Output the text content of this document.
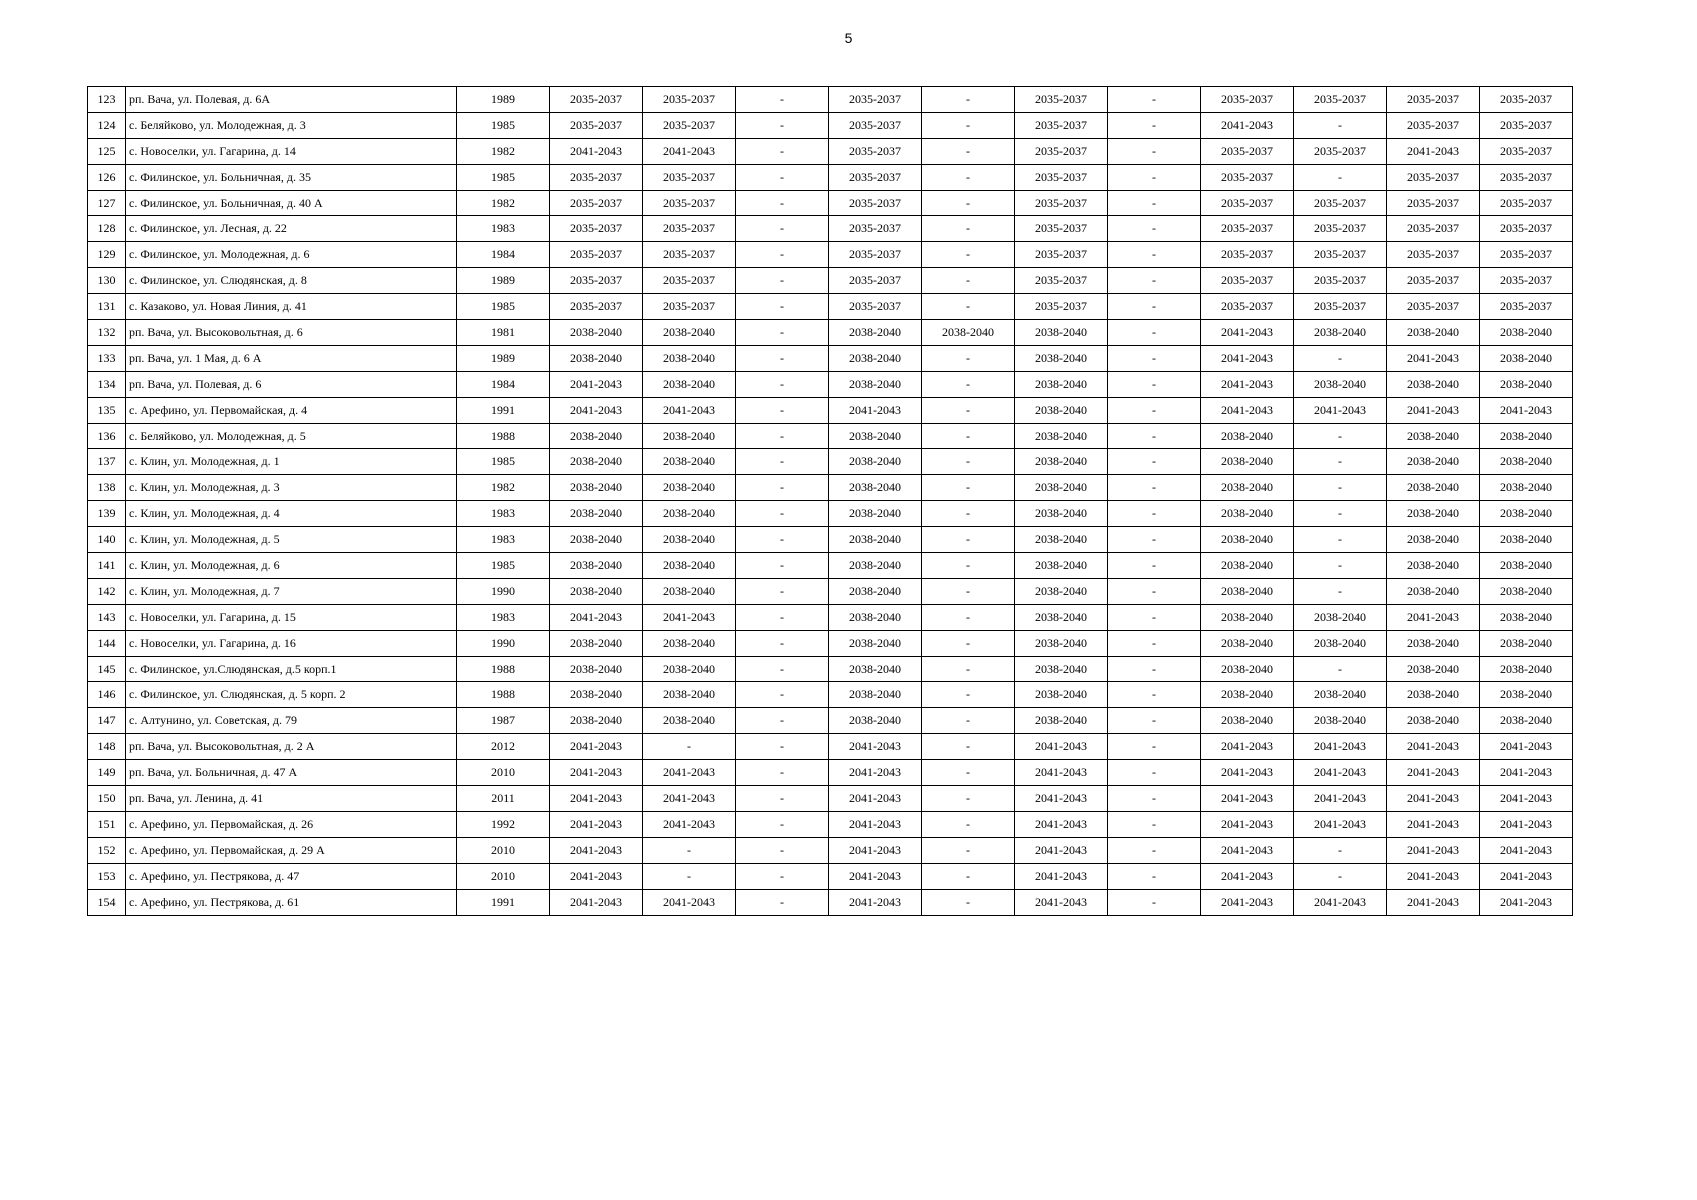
5
123	рп. Вача, ул. Полевая, д. 6А	1989	2035-2037	2035-2037	-	2035-2037	-	2035-2037	-	2035-2037	2035-2037	2035-2037	2035-2037
124	с. Беляйково, ул. Молодежная, д. 3	1985	2035-2037	2035-2037	-	2035-2037	-	2035-2037	-	2041-2043	-	2035-2037	2035-2037
125	с. Новоселки, ул. Гагарина, д. 14	1982	2041-2043	2041-2043	-	2035-2037	-	2035-2037	-	2035-2037	2035-2037	2041-2043	2035-2037
126	с. Филинское, ул. Больничная, д. 35	1985	2035-2037	2035-2037	-	2035-2037	-	2035-2037	-	2035-2037	-	2035-2037	2035-2037
127	с. Филинское, ул. Больничная, д. 40 А	1982	2035-2037	2035-2037	-	2035-2037	-	2035-2037	-	2035-2037	2035-2037	2035-2037	2035-2037
128	с. Филинское, ул. Лесная, д. 22	1983	2035-2037	2035-2037	-	2035-2037	-	2035-2037	-	2035-2037	2035-2037	2035-2037	2035-2037
129	с. Филинское, ул. Молодежная, д. 6	1984	2035-2037	2035-2037	-	2035-2037	-	2035-2037	-	2035-2037	2035-2037	2035-2037	2035-2037
130	с. Филинское, ул. Слюдянская, д. 8	1989	2035-2037	2035-2037	-	2035-2037	-	2035-2037	-	2035-2037	2035-2037	2035-2037	2035-2037
131	с. Казаково, ул. Новая Линия, д. 41	1985	2035-2037	2035-2037	-	2035-2037	-	2035-2037	-	2035-2037	2035-2037	2035-2037	2035-2037
132	рп. Вача, ул. Высоковольтная, д. 6	1981	2038-2040	2038-2040	-	2038-2040	2038-2040	2038-2040	-	2041-2043	2038-2040	2038-2040	2038-2040
133	рп. Вача, ул. 1 Мая, д. 6 А	1989	2038-2040	2038-2040	-	2038-2040	-	2038-2040	-	2041-2043	-	2041-2043	2038-2040
134	рп. Вача, ул. Полевая, д. 6	1984	2041-2043	2038-2040	-	2038-2040	-	2038-2040	-	2041-2043	2038-2040	2038-2040	2038-2040
135	с. Арефино, ул. Первомайская, д. 4	1991	2041-2043	2041-2043	-	2041-2043	-	2038-2040	-	2041-2043	2041-2043	2041-2043	2041-2043
136	с. Беляйково, ул. Молодежная, д. 5	1988	2038-2040	2038-2040	-	2038-2040	-	2038-2040	-	2038-2040	-	2038-2040	2038-2040
137	с. Клин, ул. Молодежная, д. 1	1985	2038-2040	2038-2040	-	2038-2040	-	2038-2040	-	2038-2040	-	2038-2040	2038-2040
138	с. Клин, ул. Молодежная, д. 3	1982	2038-2040	2038-2040	-	2038-2040	-	2038-2040	-	2038-2040	-	2038-2040	2038-2040
139	с. Клин, ул. Молодежная, д. 4	1983	2038-2040	2038-2040	-	2038-2040	-	2038-2040	-	2038-2040	-	2038-2040	2038-2040
140	с. Клин, ул. Молодежная, д. 5	1983	2038-2040	2038-2040	-	2038-2040	-	2038-2040	-	2038-2040	-	2038-2040	2038-2040
141	с. Клин, ул. Молодежная, д. 6	1985	2038-2040	2038-2040	-	2038-2040	-	2038-2040	-	2038-2040	-	2038-2040	2038-2040
142	с. Клин, ул. Молодежная, д. 7	1990	2038-2040	2038-2040	-	2038-2040	-	2038-2040	-	2038-2040	-	2038-2040	2038-2040
143	с. Новоселки, ул. Гагарина, д. 15	1983	2041-2043	2041-2043	-	2038-2040	-	2038-2040	-	2038-2040	2038-2040	2041-2043	2038-2040
144	с. Новоселки, ул. Гагарина, д. 16	1990	2038-2040	2038-2040	-	2038-2040	-	2038-2040	-	2038-2040	2038-2040	2038-2040	2038-2040
145	с. Филинское, ул.Слюдянская, д.5 корп.1	1988	2038-2040	2038-2040	-	2038-2040	-	2038-2040	-	2038-2040	-	2038-2040	2038-2040
146	с. Филинское, ул. Слюдянская, д. 5 корп. 2	1988	2038-2040	2038-2040	-	2038-2040	-	2038-2040	-	2038-2040	2038-2040	2038-2040	2038-2040
147	с. Алтунино, ул. Советская, д. 79	1987	2038-2040	2038-2040	-	2038-2040	-	2038-2040	-	2038-2040	2038-2040	2038-2040	2038-2040
148	рп. Вача, ул. Высоковольтная, д. 2 А	2012	2041-2043	-	-	2041-2043	-	2041-2043	-	2041-2043	2041-2043	2041-2043	2041-2043
149	рп. Вача, ул. Больничная, д. 47 А	2010	2041-2043	2041-2043	-	2041-2043	-	2041-2043	-	2041-2043	2041-2043	2041-2043	2041-2043
150	рп. Вача, ул. Ленина, д. 41	2011	2041-2043	2041-2043	-	2041-2043	-	2041-2043	-	2041-2043	2041-2043	2041-2043	2041-2043
151	с. Арефино, ул. Первомайская, д. 26	1992	2041-2043	2041-2043	-	2041-2043	-	2041-2043	-	2041-2043	2041-2043	2041-2043	2041-2043
152	с. Арефино, ул. Первомайская, д. 29 А	2010	2041-2043	-	-	2041-2043	-	2041-2043	-	2041-2043	-	2041-2043	2041-2043
153	с. Арефино, ул. Пестрякова, д. 47	2010	2041-2043	-	-	2041-2043	-	2041-2043	-	2041-2043	-	2041-2043	2041-2043
154	с. Арефино, ул. Пестрякова, д. 61	1991	2041-2043	2041-2043	-	2041-2043	-	2041-2043	-	2041-2043	2041-2043	2041-2043	2041-2043
